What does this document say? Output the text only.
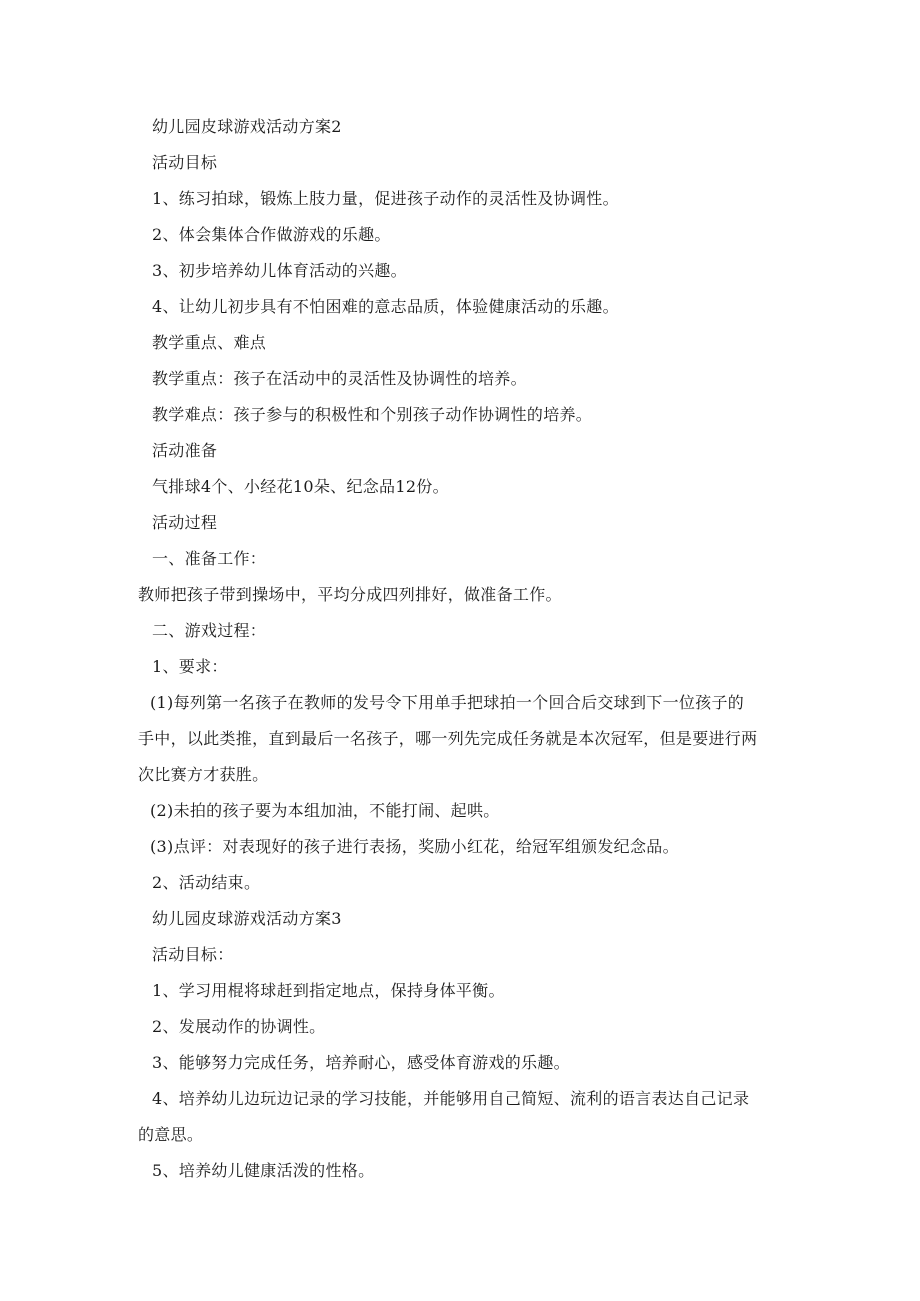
幼儿园皮球游戏活动方案2

活动目标

1、练习拍球，锻炼上肢力量，促进孩子动作的灵活性及协调性。

2、体会集体合作做游戏的乐趣。

3、初步培养幼儿体育活动的兴趣。

4、让幼儿初步具有不怕困难的意志品质，体验健康活动的乐趣。

教学重点、难点

教学重点：孩子在活动中的灵活性及协调性的培养。

教学难点：孩子参与的积极性和个别孩子动作协调性的培养。

活动准备

气排球4个、小经花10朵、纪念品12份。

活动过程

一、准备工作：

教师把孩子带到操场中，平均分成四列排好，做准备工作。

二、游戏过程：

1、要求：

(1)每列第一名孩子在教师的发号令下用单手把球拍一个回合后交球到下一位孩子的

手中，以此类推，直到最后一名孩子，哪一列先完成任务就是本次冠军，但是要进行两

次比赛方才获胜。

(2)未拍的孩子要为本组加油，不能打闹、起哄。

(3)点评：对表现好的孩子进行表扬，奖励小红花，给冠军组颁发纪念品。

2、活动结束。

幼儿园皮球游戏活动方案3

活动目标：

1、学习用棍将球赶到指定地点，保持身体平衡。

2、发展动作的协调性。

3、能够努力完成任务，培养耐心，感受体育游戏的乐趣。

4、培养幼儿边玩边记录的学习技能，并能够用自己简短、流利的语言表达自己记录

的意思。

5、培养幼儿健康活泼的性格。
